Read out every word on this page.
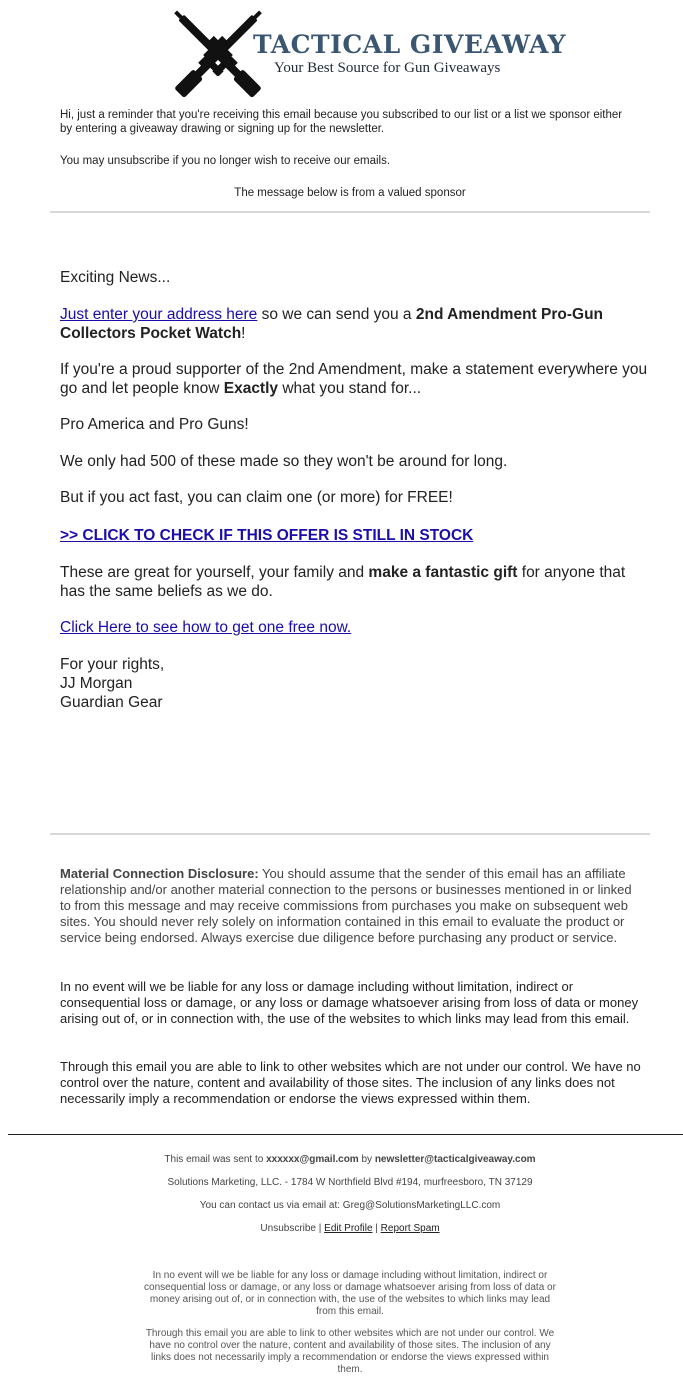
TACTICAL GIVEAWAY
Your Best Source for Gun Giveaways
Hi, just a reminder that you're receiving this email because you subscribed to our list or a list we sponsor either by entering a giveaway drawing or signing up for the newsletter.
You may unsubscribe if you no longer wish to receive our emails.
The message below is from a valued sponsor
Exciting News...
Just enter your address here so we can send you a 2nd Amendment Pro-Gun Collectors Pocket Watch!
If you're a proud supporter of the 2nd Amendment, make a statement everywhere you go and let people know Exactly what you stand for...
Pro America and Pro Guns!
We only had 500 of these made so they won't be around for long.
But if you act fast, you can claim one (or more) for FREE!
>> CLICK TO CHECK IF THIS OFFER IS STILL IN STOCK
These are great for yourself, your family and make a fantastic gift for anyone that has the same beliefs as we do.
Click Here to see how to get one free now.
For your rights,
JJ Morgan
Guardian Gear
Material Connection Disclosure: You should assume that the sender of this email has an affiliate relationship and/or another material connection to the persons or businesses mentioned in or linked to from this message and may receive commissions from purchases you make on subsequent web sites. You should never rely solely on information contained in this email to evaluate the product or service being endorsed. Always exercise due diligence before purchasing any product or service.
In no event will we be liable for any loss or damage including without limitation, indirect or consequential loss or damage, or any loss or damage whatsoever arising from loss of data or money arising out of, or in connection with, the use of the websites to which links may lead from this email.
Through this email you are able to link to other websites which are not under our control. We have no control over the nature, content and availability of those sites. The inclusion of any links does not necessarily imply a recommendation or endorse the views expressed within them.
This email was sent to xxxxxx@gmail.com by newsletter@tacticalgiveaway.com
Solutions Marketing, LLC. - 1784 W Northfield Blvd #194, murfreesboro, TN 37129
You can contact us via email at: Greg@SolutionsMarketingLLC.com
Unsubscribe | Edit Profile | Report Spam
In no event will we be liable for any loss or damage including without limitation, indirect or consequential loss or damage, or any loss or damage whatsoever arising from loss of data or money arising out of, or in connection with, the use of the websites to which links may lead from this email.
Through this email you are able to link to other websites which are not under our control. We have no control over the nature, content and availability of those sites. The inclusion of any links does not necessarily imply a recommendation or endorse the views expressed within them.
